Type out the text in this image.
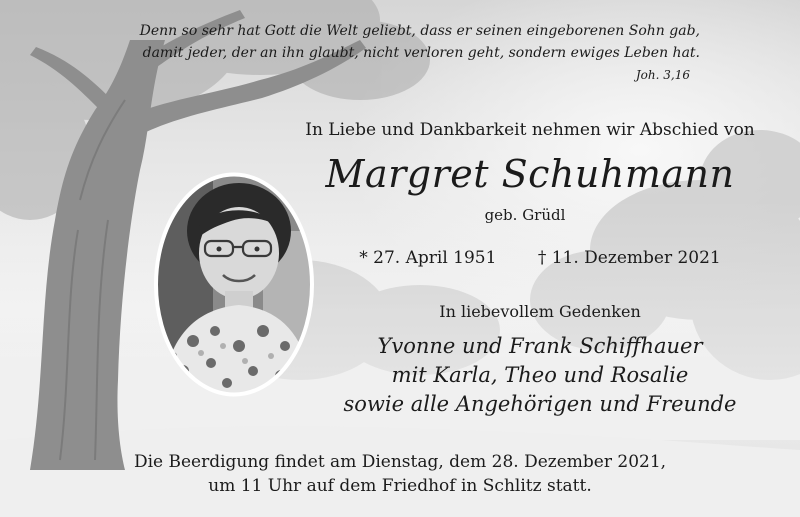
Denn so sehr hat Gott die Welt geliebt, dass er seinen eingeborenen Sohn gab,
damit jeder, der an ihn glaubt, nicht verloren geht, sondern ewiges Leben hat.
Joh. 3,16
In Liebe und Dankbarkeit nehmen wir Abschied von
Margret Schuhmann
geb. Grüdl
* 27. April 1951 † 11. Dezember 2021
In liebevollem Gedenken
Yvonne und Frank Schiffhauer
mit Karla, Theo und Rosalie
sowie alle Angehörigen und Freunde
Die Beerdigung findet am Dienstag, dem 28. Dezember 2021,
um 11 Uhr auf dem Friedhof in Schlitz statt.
